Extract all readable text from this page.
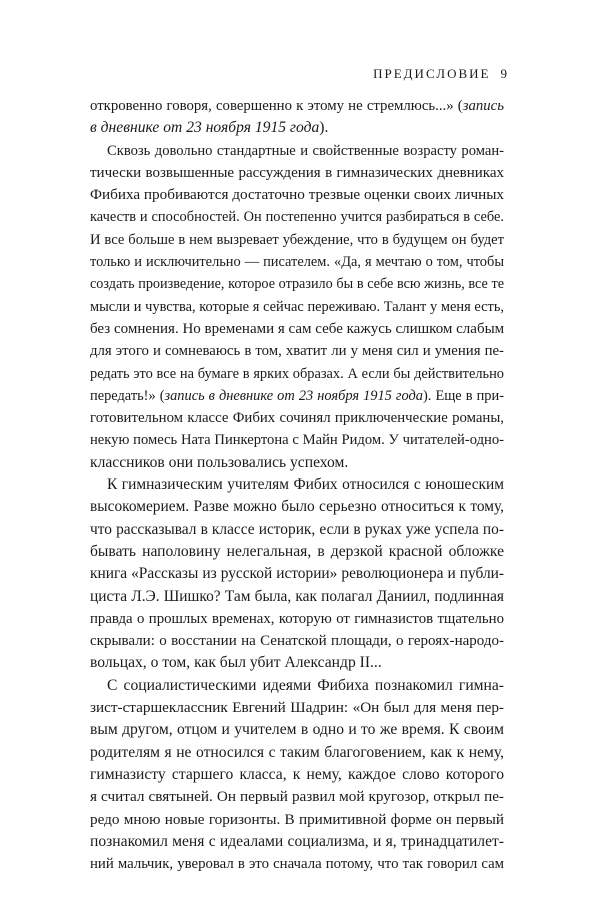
ПРЕДИСЛОВИЕ 9
откровенно говоря, совершенно к этому не стремлюсь...» (запись
в дневнике от 23 ноября 1915 года).
Сквозь довольно стандартные и свойственные возрасту роман-
тически возвышенные рассуждения в гимназических дневниках
Фибиха пробиваются достаточно трезвые оценки своих личных
качеств и способностей. Он постепенно учится разбираться в себе.
И все больше в нем вызревает убеждение, что в будущем он будет
только и исключительно — писателем. «Да, я мечтаю о том, чтобы
создать произведение, которое отразило бы в себе всю жизнь, все те
мысли и чувства, которые я сейчас переживаю. Талант у меня есть,
без сомнения. Но временами я сам себе кажусь слишком слабым
для этого и сомневаюсь в том, хватит ли у меня сил и умения пе-
редать это все на бумаге в ярких образах. А если бы действительно
передать!» (запись в дневнике от 23 ноября 1915 года). Еще в при-
готовительном классе Фибих сочинял приключенческие романы,
некую помесь Ната Пинкертона с Майн Ридом. У читателей-одно-
классников они пользовались успехом.
К гимназическим учителям Фибих относился с юношеским
высокомерием. Разве можно было серьезно относиться к тому,
что рассказывал в классе историк, если в руках уже успела по-
бывать наполовину нелегальная, в дерзкой красной обложке
книга «Рассказы из русской истории» революционера и публи-
циста Л.Э. Шишко? Там была, как полагал Даниил, подлинная
правда о прошлых временах, которую от гимназистов тщательно
скрывали: о восстании на Сенатской площади, о героях-народо-
вольцах, о том, как был убит Александр II...
С социалистическими идеями Фибиха познакомил гимна-
зист-старшеклассник Евгений Шадрин: «Он был для меня пер-
вым другом, отцом и учителем в одно и то же время. К своим
родителям я не относился с таким благоговением, как к нему,
гимназисту старшего класса, к нему, каждое слово которого
я считал святыней. Он первый развил мой кругозор, открыл пе-
редо мною новые горизонты. В примитивной форме он первый
познакомил меня с идеалами социализма, и я, тринадцатилет-
ний мальчик, уверовал в это сначала потому, что так говорил сам
